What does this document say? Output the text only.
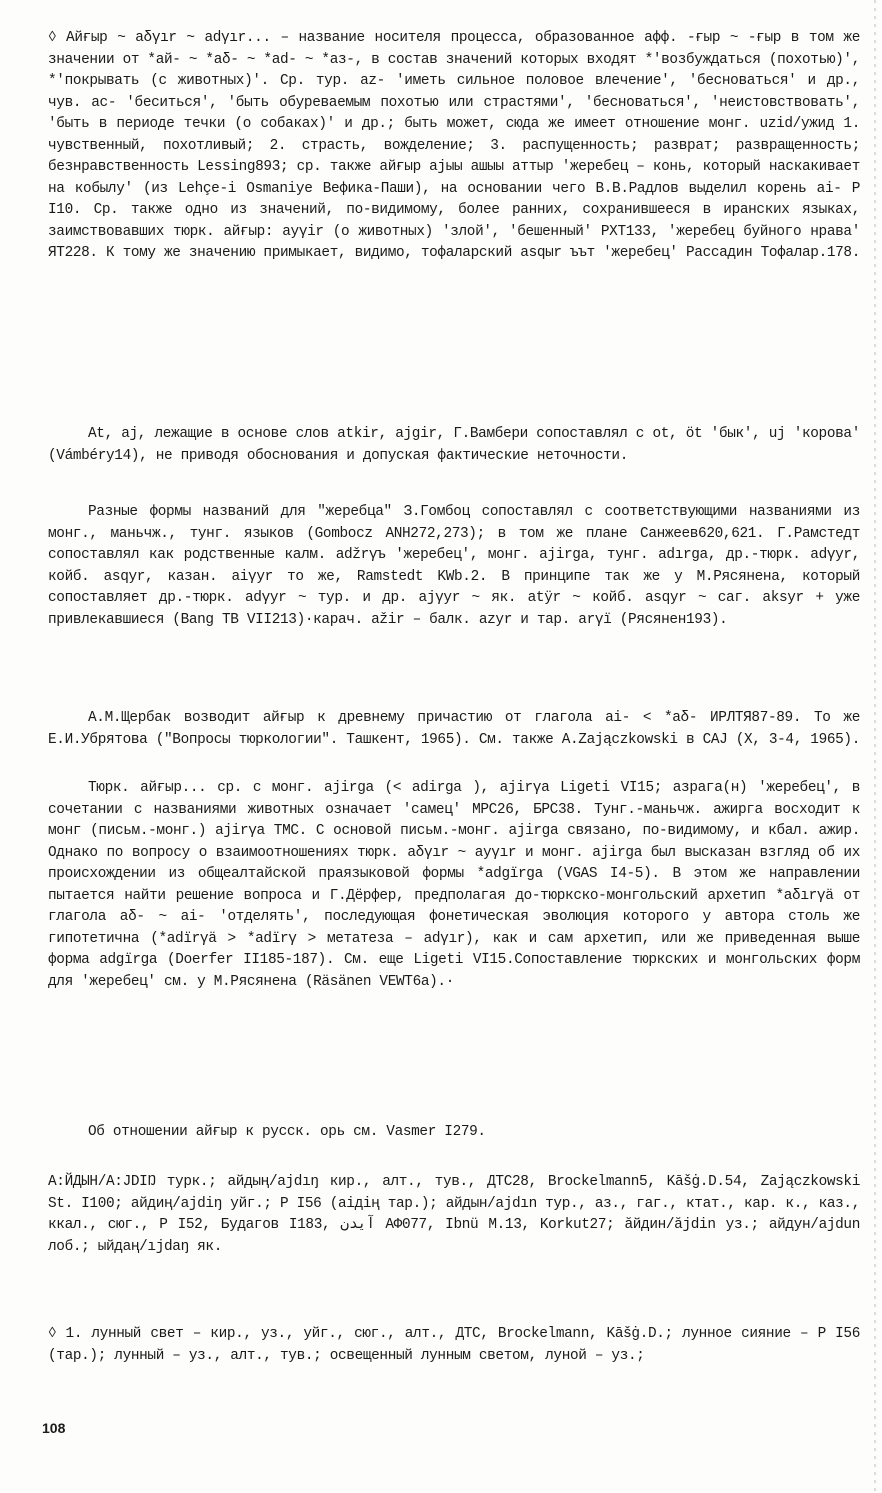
◊ Айғыр ~ аδγır ~ adγır... – название носителя процесса, образованное афф. -ғыр ~ -ғыр в том же значении от *ай- ~ *аδ- ~ *ad- ~ *аз-, в состав значений которых входят *'возбуждаться (похотью)', *'покрывать (с животных)'. Ср. тур. az- 'иметь сильное половое влечение', 'бесноваться' и др., чув. ас- 'беситься', 'быть обуреваемым похотью или страстями', 'бесноваться', 'неистовствовать', 'быть в периоде течки (о собаках)' и др.; быть может, сюда же имеет отношение монг. uzid/ужид 1. чувственный, похотливый; 2. страсть, вожделение; 3. распущенность; разврат; развращенность; безнравственность Lessing893; ср. также айғыр ajыы ашыы аттыр 'жеребец – конь, который наскакивает на кобылу' (из Lehçe-i Osmaniye Вефика-Паши), на основании чего В.В.Радлов выделил корень аі- Р І10. Ср. также одно из значений, по-видимому, более ранних, сохранившееся в иранских языках, заимствовавших тюрк. айғыр: ayγir (о животных) 'злой', 'бешенный' РХТ133, 'жеребец буйного нрава' ЯТ228. К тому же значению примыкает, видимо, тофаларский asqыr ъът 'жеребец' Рассадин Тофалар.178.
At, aj, лежащие в основе слов atkir, ajgir, Г.Вамбери сопоставлял с ot, öt 'бык', uj 'корова' (Vámbéry14), не приводя обоснования и допуская фактические неточности.
Разные формы названий для "жеребца" З.Гомбоц сопоставлял с соответствующими названиями из монг., маньчж., тунг. языков (Gombocz ANH272,273); в том же плане Санжеев620,621. Г.Рамстедт сопоставлял как родственные калм. adžrγъ 'жеребец', монг. ajirga, тунг. adırga, др.-тюрк. adγyr, койб. asqyr, казан. aiγyr то же, Ramstedt KWb.2. В принципе так же у М.Рясянена, который сопоставляет др.-тюрк. adγyr ~ тур. и др. ajγyr ~ як. atÿr ~ койб. asqyr ~ саг. aksyr + уже привлекавшиеся (Bang TB VII213)·карач. ažir – балк. azyr и тар. arγї (Рясянен193).
А.М.Щербак возводит айғыр к древнему причастию от глагола аі- < *аδ- ИРЛТЯ87-89. То же Е.И.Убрятова ("Вопросы тюркологии". Ташкент, 1965). См. также A.Zajączkowski в CAJ (X, 3-4, 1965).
Тюрк. айғыр... ср. с монг. ajirga (< adirga ), ajirγa Ligeti VI15; азрага(н) 'жеребец', в сочетании с названиями животных означает 'самец' МРС26, БРС38. Тунг.-маньчж. ажирга восходит к монг (письм.-монг.) ajirγa ТМС. С основой письм.-монг. ajirga связано, по-видимому, и кбал. ажир. Однако по вопросу о взаимоотношениях тюрк. аδγır ~ ayγır и монг. ajirga был высказан взгляд об их происхождении из общеалтайской праязыковой формы *adgïrga (VGAS I4-5). В этом же направлении пытается найти решение вопроса и Г.Дёрфер, предполагая до-тюркско-монгольский архетип *aδırγä от глагола аδ- ~ аі- 'отделять', последующая фонетическая эволюция которого у автора столь же гипотетична (*adïrγä > *adïrγ > метатеза – adγır), как и сам архетип, или же приведенная выше форма adgïrga (Doerfer II185-187). См. еще Ligeti VI15.Сопоставление тюркских и монгольских форм для 'жеребец' см. у М.Рясянена (Räsänen VEWT6a).·
Об отношении айғыр к русск. орь см. Vasmer I279.
А:ЙДЫН/A:JDIŊ турк.; айдың/ajdıŋ кир., алт., тув., ДТС28, Brockelmann5, Kāšġ.D.54, Zajączkowski St. I100; айдиң/ajdiŋ уйг.; Р І56 (aiдiң тар.); айдын/ajdın тур., аз., гаг., ктат., кар. к., каз., ккал., сюг., Р І52, Будагов І183, آيدن АФ077, Ibnü M.13, Korkut27; ăйдин/ăjdin уз.; айдун/ajdun лоб.; ыйдаң/ıjdaŋ як.
◊ 1. лунный свет – кир., уз., уйг., сюг., алт., ДТС, Brockelmann, Kāšġ.D.; лунное сияние – Р І56 (тар.); лунный – уз., алт., тув.; освещенный лунным светом, луной – уз.;
108
